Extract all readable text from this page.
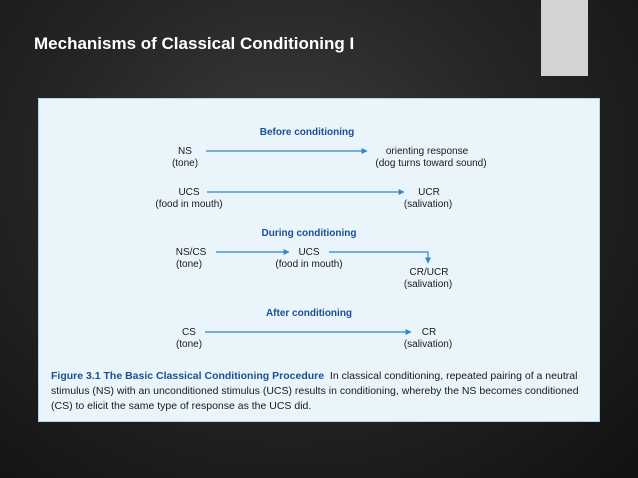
Mechanisms of Classical Conditioning I
Before conditioning
NS
(tone)
orienting response
(dog turns toward sound)
UCS
(food in mouth)
UCR
(salivation)
During conditioning
NS/CS
(tone)
UCS
(food in mouth)
CR/UCR
(salivation)
After conditioning
CS
(tone)
CR
(salivation)
Figure 3.1 The Basic Classical Conditioning Procedure In classical conditioning, repeated pairing of a neutral stimulus (NS) with an unconditioned stimulus (UCS) results in conditioning, whereby the NS becomes conditioned (CS) to elicit the same type of response as the UCS did.
